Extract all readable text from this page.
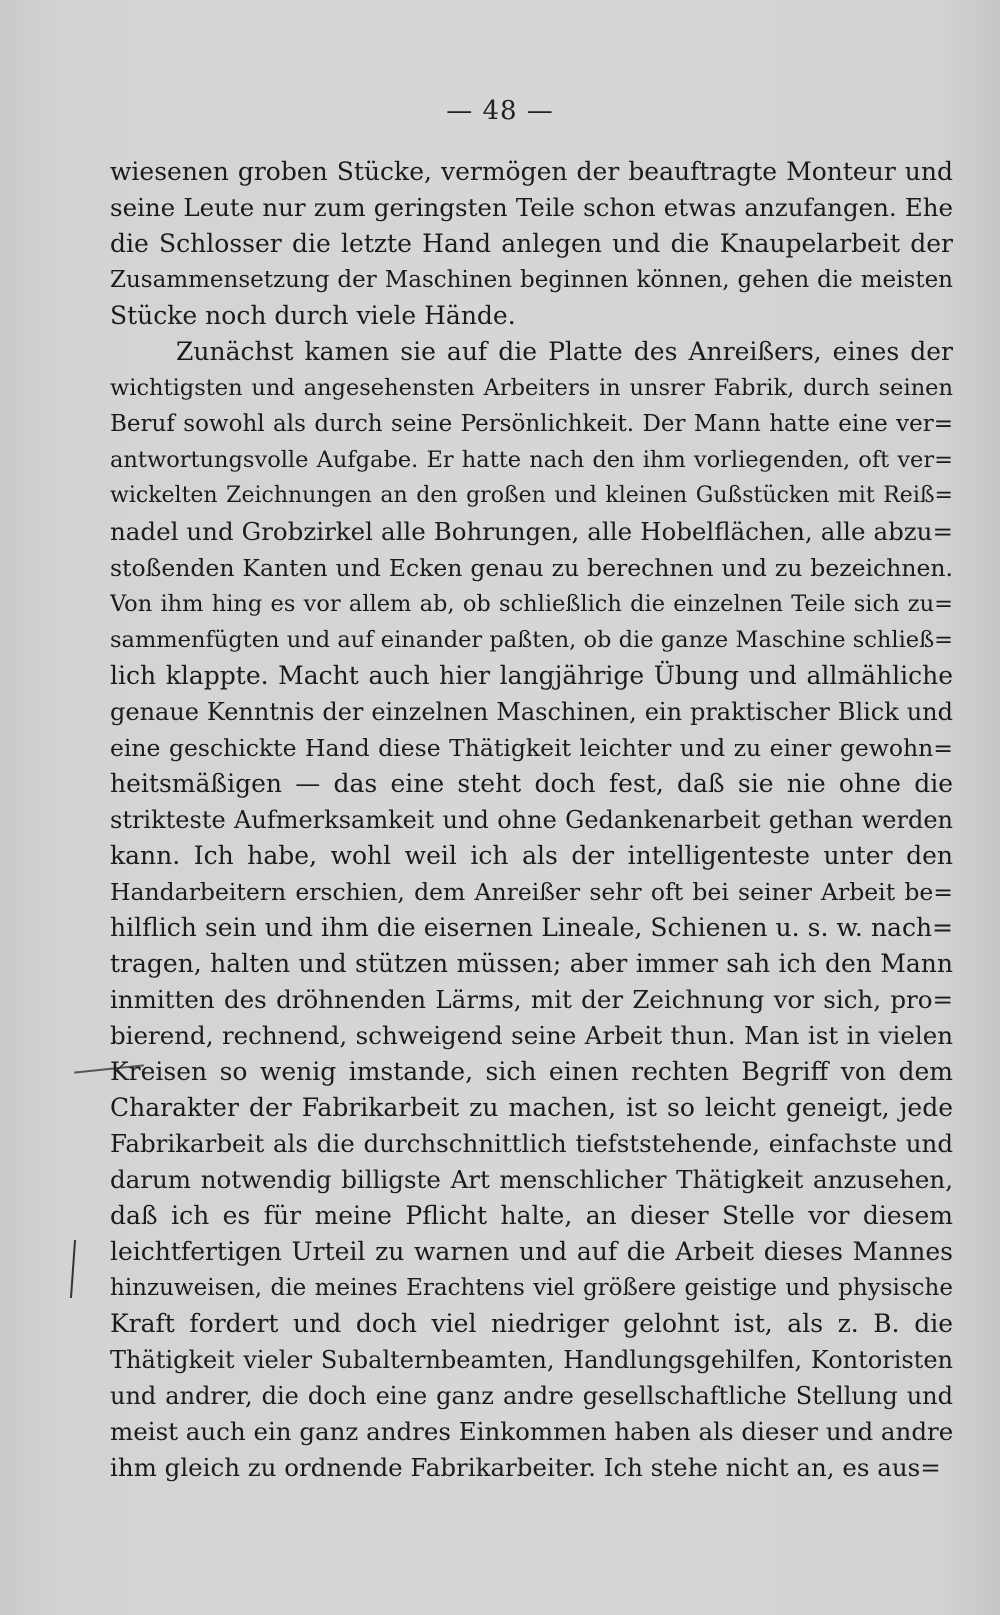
— 48 —
wiesenen groben Stücke, vermögen der beauftragte Monteur und
seine Leute nur zum geringsten Teile schon etwas anzufangen. Ehe
die Schlosser die letzte Hand anlegen und die Knaupelarbeit der
Zusammensetzung der Maschinen beginnen können, gehen die meisten
Stücke noch durch viele Hände.
Zunächst kamen sie auf die Platte des Anreißers, eines der
wichtigsten und angesehensten Arbeiters in unsrer Fabrik, durch seinen
Beruf sowohl als durch seine Persönlichkeit. Der Mann hatte eine ver=
antwortungsvolle Aufgabe. Er hatte nach den ihm vorliegenden, oft ver=
wickelten Zeichnungen an den großen und kleinen Gußstücken mit Reiß=
nadel und Grobzirkel alle Bohrungen, alle Hobelflächen, alle abzu=
stoßenden Kanten und Ecken genau zu berechnen und zu bezeichnen.
Von ihm hing es vor allem ab, ob schließlich die einzelnen Teile sich zu=
sammenfügten und auf einander paßten, ob die ganze Maschine schließ=
lich klappte. Macht auch hier langjährige Übung und allmähliche
genaue Kenntnis der einzelnen Maschinen, ein praktischer Blick und
eine geschickte Hand diese Thätigkeit leichter und zu einer gewohn=
heitsmäßigen — das eine steht doch fest, daß sie nie ohne die
strikteste Aufmerksamkeit und ohne Gedankenarbeit gethan werden
kann. Ich habe, wohl weil ich als der intelligenteste unter den
Handarbeitern erschien, dem Anreißer sehr oft bei seiner Arbeit be=
hilflich sein und ihm die eisernen Lineale, Schienen u. s. w. nach=
tragen, halten und stützen müssen; aber immer sah ich den Mann
inmitten des dröhnenden Lärms, mit der Zeichnung vor sich, pro=
bierend, rechnend, schweigend seine Arbeit thun. Man ist in vielen
Kreisen so wenig imstande, sich einen rechten Begriff von dem
Charakter der Fabrikarbeit zu machen, ist so leicht geneigt, jede
Fabrikarbeit als die durchschnittlich tiefststehende, einfachste und
darum notwendig billigste Art menschlicher Thätigkeit anzusehen,
daß ich es für meine Pflicht halte, an dieser Stelle vor diesem
leichtfertigen Urteil zu warnen und auf die Arbeit dieses Mannes
hinzuweisen, die meines Erachtens viel größere geistige und physische
Kraft fordert und doch viel niedriger gelohnt ist, als z. B. die
Thätigkeit vieler Subalternbeamten, Handlungsgehilfen, Kontoristen
und andrer, die doch eine ganz andre gesellschaftliche Stellung und
meist auch ein ganz andres Einkommen haben als dieser und andre
ihm gleich zu ordnende Fabrikarbeiter. Ich stehe nicht an, es aus=
